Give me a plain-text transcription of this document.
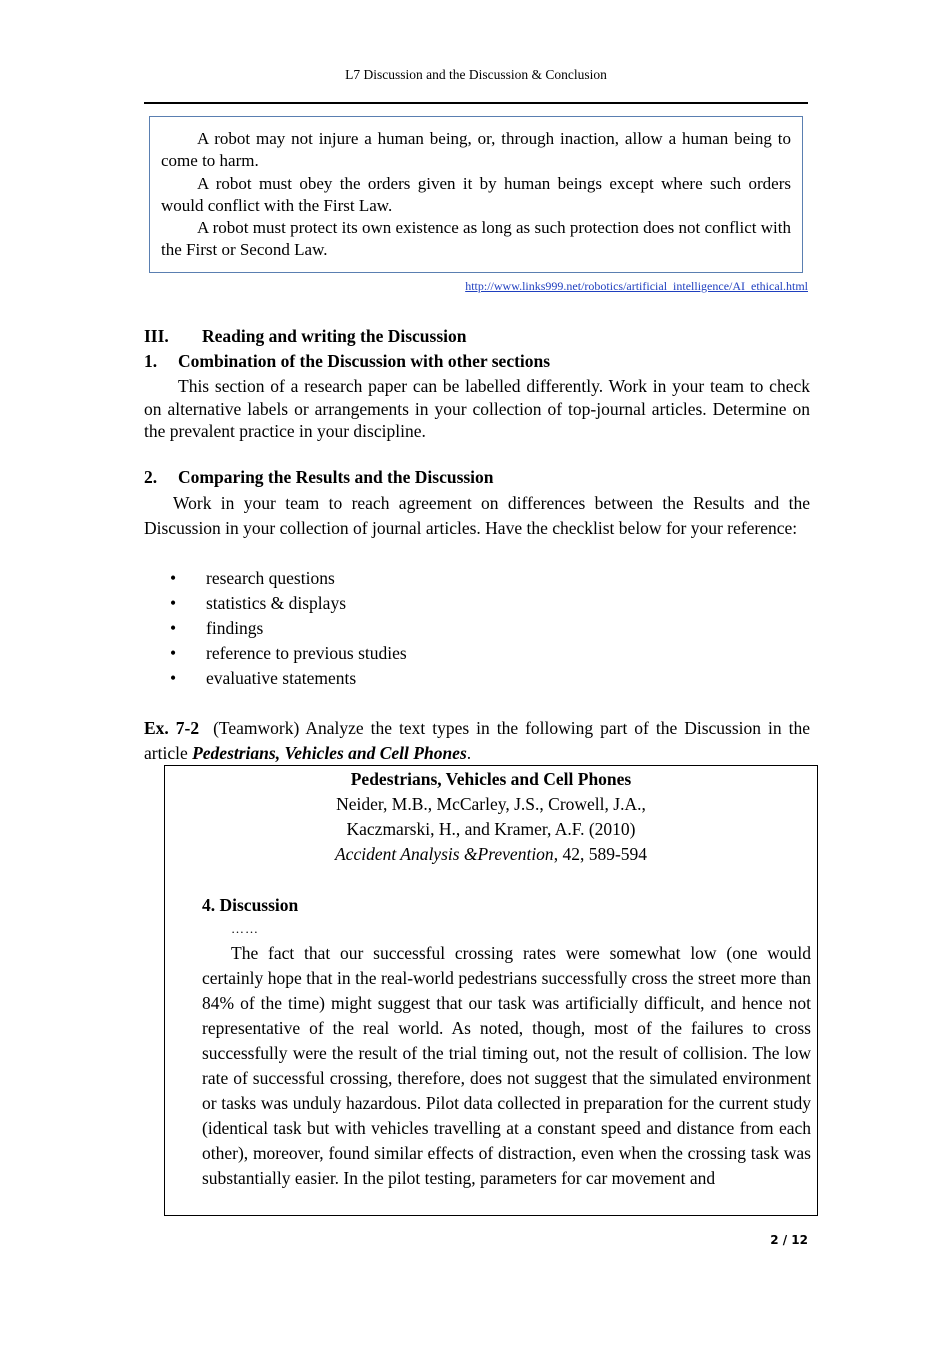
L7 Discussion and the Discussion & Conclusion

A robot may not injure a human being, or, through inaction, allow a human being to come to harm.

A robot must obey the orders given it by human beings except where such orders would conflict with the First Law.

A robot must protect its own existence as long as such protection does not conflict with the First or Second Law.

http://www.links999.net/robotics/artificial_intelligence/AI_ethical.html
III. Reading and writing the Discussion
1. Combination of the Discussion with other sections

This section of a research paper can be labelled differently. Work in your team to check on alternative labels or arrangements in your collection of top-journal articles. Determine on the prevalent practice in your discipline.

2. Comparing the Results and the Discussion

Work in your team to reach agreement on differences between the Results and the Discussion in your collection of journal articles. Have the checklist below for your reference:

• research questions
• statistics & displays
• findings
• reference to previous studies
• evaluative statements

Ex. 7-2 (Teamwork) Analyze the text types in the following part of the Discussion in the article Pedestrians, Vehicles and Cell Phones.

Pedestrians, Vehicles and Cell Phones
Neider, M.B., McCarley, J.S., Crowell, J.A.,
Kaczmarski, H., and Kramer, A.F. (2010)
Accident Analysis &Prevention, 42, 589-594
4. Discussion
……

The fact that our successful crossing rates were somewhat low (one would certainly hope that in the real-world pedestrians successfully cross the street more than 84% of the time) might suggest that our task was artificially difficult, and hence not representative of the real world. As noted, though, most of the failures to cross successfully were the result of the trial timing out, not the result of collision. The low rate of successful crossing, therefore, does not suggest that the simulated environment or tasks was unduly hazardous. Pilot data collected in preparation for the current study (identical task but with vehicles travelling at a constant speed and distance from each other), moreover, found similar effects of distraction, even when the crossing task was substantially easier. In the pilot testing, parameters for car movement and

2 / 12
